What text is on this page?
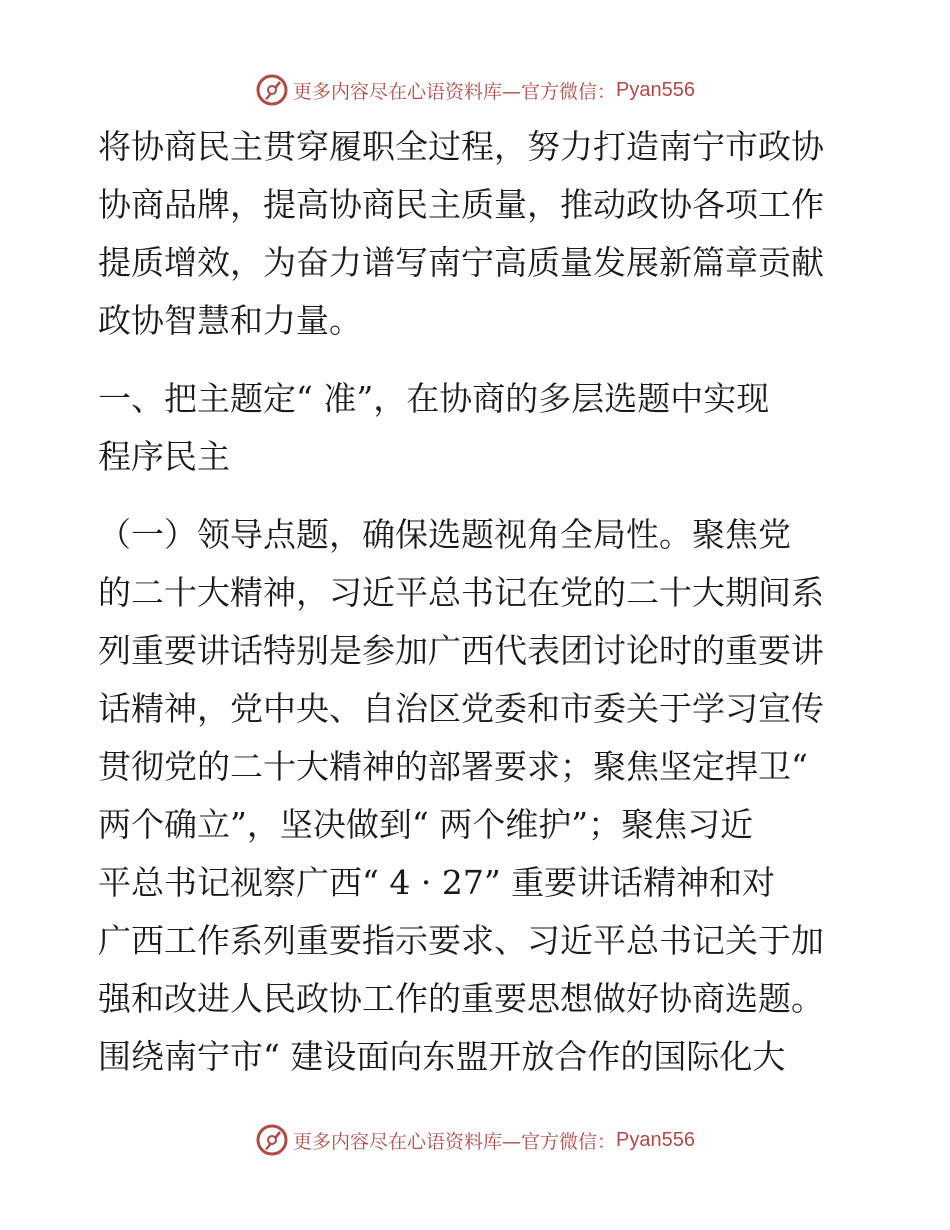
更多内容尽在心语资料库—官方微信： Pyan556
将协商民主贯穿履职全过程，努力打造南宁市政协
协商品牌，提高协商民主质量，推动政协各项工作
提质增效，为奋力谱写南宁高质量发展新篇章贡献
政协智慧和力量。
一、把主题定“ 准”，在协商的多层选题中实现
程序民主
（一）领导点题，确保选题视角全局性。聚焦党
的二十大精神，习近平总书记在党的二十大期间系
列重要讲话特别是参加广西代表团讨论时的重要讲
话精神，党中央、自治区党委和市委关于学习宣传
贯彻党的二十大精神的部署要求；聚焦坚定捍卫“
两个确立”，坚决做到“ 两个维护”；聚焦习近
平总书记视察广西“ 4 · 27” 重要讲话精神和对
广西工作系列重要指示要求、习近平总书记关于加
强和改进人民政协工作的重要思想做好协商选题。
围绕南宁市“ 建设面向东盟开放合作的国际化大
更多内容尽在心语资料库—官方微信： Pyan556
